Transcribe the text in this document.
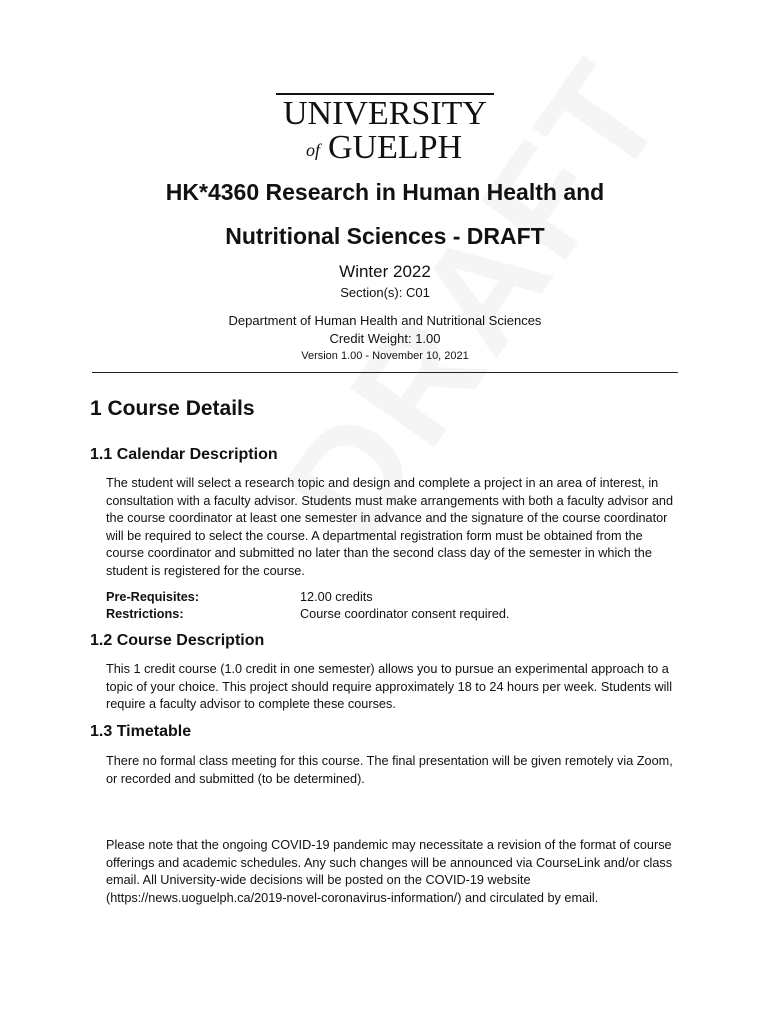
UNIVERSITY
of GUELPH
HK*4360 Research in Human Health and
Nutritional Sciences - DRAFT
Winter 2022
Section(s): C01
Department of Human Health and Nutritional Sciences
Credit Weight: 1.00
Version 1.00 - November 10, 2021
1 Course Details
1.1 Calendar Description

The student will select a research topic and design and complete a project in an area of interest, in consultation with a faculty advisor. Students must make arrangements with both a faculty advisor and the course coordinator at least one semester in advance and the signature of the course coordinator will be required to select the course. A departmental registration form must be obtained from the course coordinator and submitted no later than the second class day of the semester in which the student is registered for the course.

Pre-Requisites:	12.00 credits
Restrictions:	Course coordinator consent required.
1.2 Course Description

This 1 credit course (1.0 credit in one semester) allows you to pursue an experimental approach to a topic of your choice. This project should require approximately 18 to 24 hours per week. Students will require a faculty advisor to complete these courses.

1.3 Timetable

There no formal class meeting for this course. The final presentation will be given remotely via Zoom, or recorded and submitted (to be determined).

Please note that the ongoing COVID-19 pandemic may necessitate a revision of the format of course offerings and academic schedules. Any such changes will be announced via CourseLink and/or class email. All University-wide decisions will be posted on the COVID-19 website (https://news.uoguelph.ca/2019-novel-coronavirus-information/) and circulated by email.
